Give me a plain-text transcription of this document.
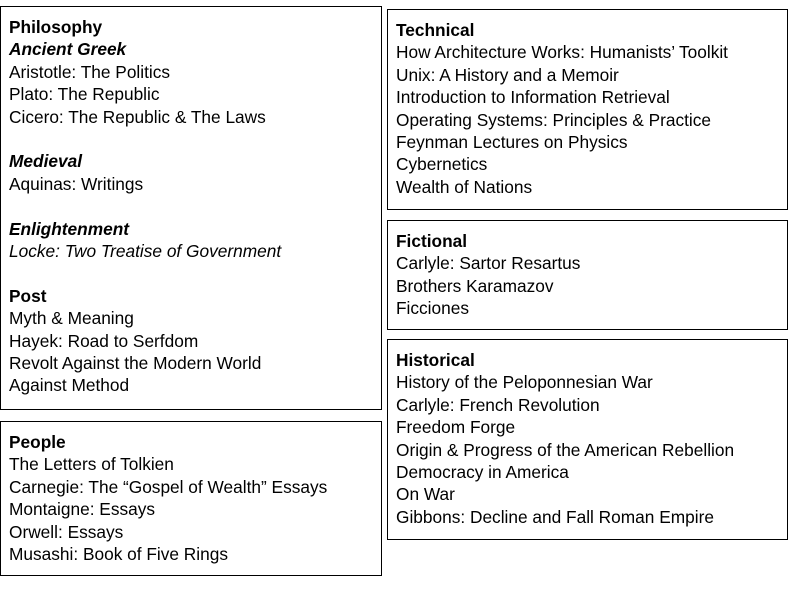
Philosophy
Ancient Greek
Aristotle: The Politics
Plato: The Republic
Cicero: The Republic & The Laws
Medieval
Aquinas: Writings
Enlightenment
Locke: Two Treatise of Government
Post
Myth & Meaning
Hayek: Road to Serfdom
Revolt Against the Modern World
Against Method
People
The Letters of Tolkien
Carnegie: The “Gospel of Wealth” Essays
Montaigne: Essays
Orwell: Essays
Musashi: Book of Five Rings
Technical
How Architecture Works: Humanists’ Toolkit
Unix: A History and a Memoir
Introduction to Information Retrieval
Operating Systems: Principles & Practice
Feynman Lectures on Physics
Cybernetics
Wealth of Nations
Fictional
Carlyle: Sartor Resartus
Brothers Karamazov
Ficciones
Historical
History of the Peloponnesian War
Carlyle: French Revolution
Freedom Forge
Origin & Progress of the American Rebellion
Democracy in America
On War
Gibbons: Decline and Fall Roman Empire
